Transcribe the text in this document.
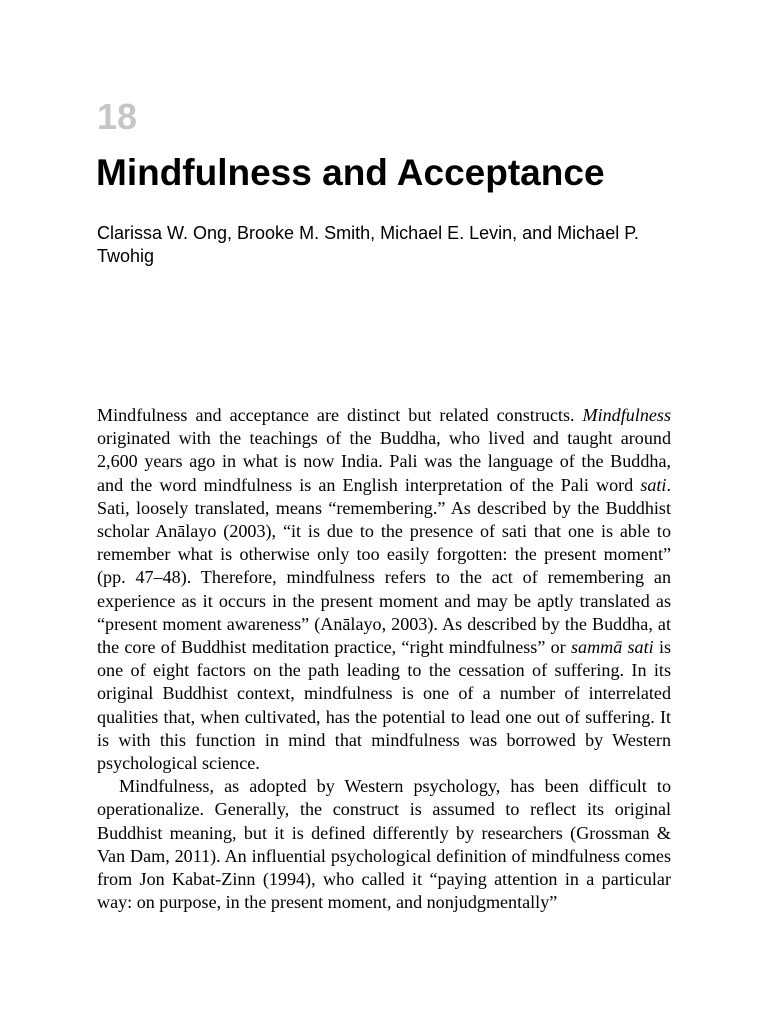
18
Mindfulness and Acceptance

Clarissa W. Ong, Brooke M. Smith, Michael E. Levin, and Michael P. Twohig

Mindfulness and acceptance are distinct but related constructs. Mindfulness originated with the teachings of the Buddha, who lived and taught around 2,600 years ago in what is now India. Pali was the language of the Buddha, and the word mindfulness is an English interpretation of the Pali word sati. Sati, loosely translated, means “remembering.” As described by the Buddhist scholar Anālayo (2003), “it is due to the presence of sati that one is able to remember what is otherwise only too easily forgotten: the present moment” (pp. 47–48). Therefore, mindfulness refers to the act of remembering an experience as it occurs in the present moment and may be aptly translated as “present moment awareness” (Anālayo, 2003). As described by the Buddha, at the core of Buddhist meditation practice, “right mindfulness” or sammā sati is one of eight factors on the path leading to the cessation of suffering. In its original Buddhist context, mindfulness is one of a number of interrelated qualities that, when cultivated, has the potential to lead one out of suffering. It is with this function in mind that mindfulness was borrowed by Western psychological science.

Mindfulness, as adopted by Western psychology, has been difficult to operationalize. Generally, the construct is assumed to reflect its original Buddhist meaning, but it is defined differently by researchers (Grossman & Van Dam, 2011). An influential psychological definition of mindfulness comes from Jon Kabat-Zinn (1994), who called it “paying attention in a particular way: on purpose, in the present moment, and nonjudgmentally”
